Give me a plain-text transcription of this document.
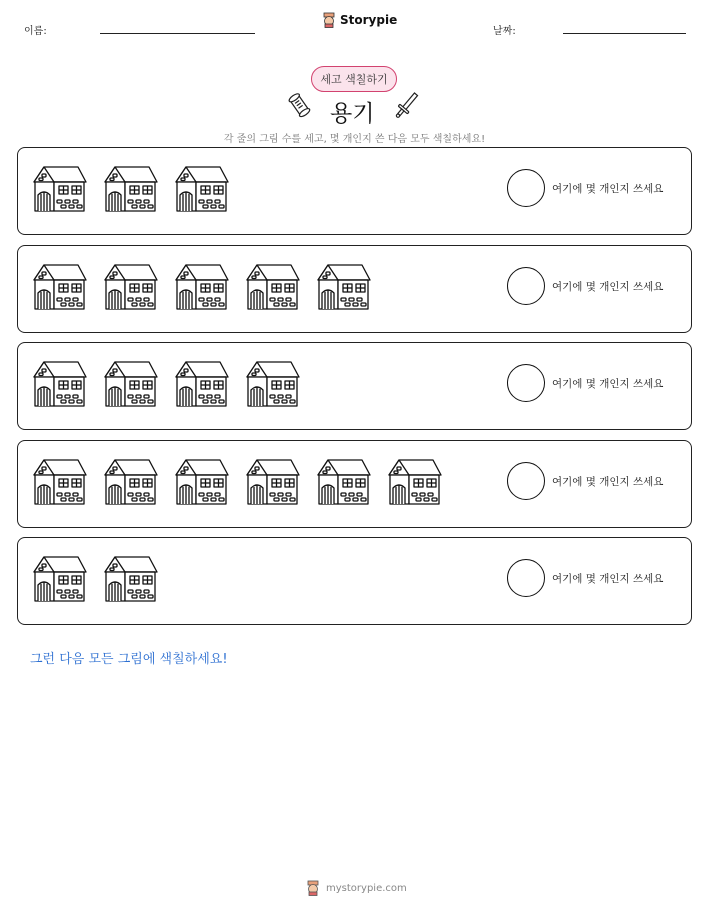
이름:
Storypie
날짜:
세고 색칠하기
용기
각 줄의 그림 수를 세고, 몇 개인지 쓴 다음 모두 색칠하세요!
여기에 몇 개인지 쓰세요
여기에 몇 개인지 쓰세요
여기에 몇 개인지 쓰세요
여기에 몇 개인지 쓰세요
여기에 몇 개인지 쓰세요
그런 다음 모든 그림에 색칠하세요!
mystorypie.com
